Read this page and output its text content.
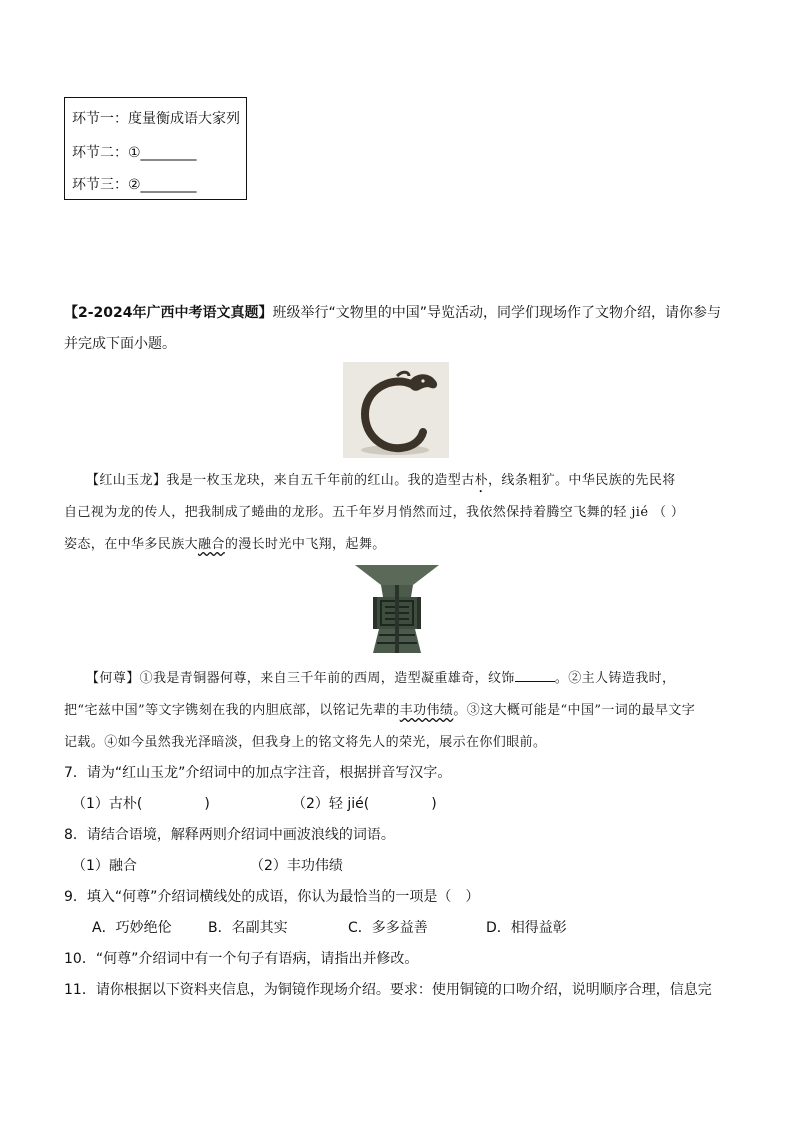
环节一：度量衡成语大家列
环节二：①________
环节三：②________
【2-2024年广西中考语文真题】班级举行“文物里的中国”导览活动，同学们现场作了文物介绍，请你参与
并完成下面小题。
【红山玉龙】我是一枚玉龙玦，来自五千年前的红山。我的造型古朴，线条粗犷。中华民族的先民将
自己视为龙的传人，把我制成了蜷曲的龙形。五千年岁月悄然而过，我依然保持着腾空飞舞的轻 jié （ ）
姿态，在中华多民族大融合的漫长时光中飞翔，起舞。
【何尊】①我是青铜器何尊，来自三千年前的西周，造型凝重雄奇，纹饰	。②主人铸造我时，
把“宅兹中国”等文字镌刻在我的内胆底部，以铭记先辈的丰功伟绩。③这大概可能是“中国”一词的最早文字
记载。④如今虽然我光泽暗淡，但我身上的铭文将先人的荣光，展示在你们眼前。
7．请为“红山玉龙”介绍词中的加点字注音，根据拼音写汉字。
（1）古朴(	)	（2）轻 jié(	)
8．请结合语境，解释两则介绍词中画波浪线的词语。
（1）融合	（2）丰功伟绩
9．填入“何尊”介绍词横线处的成语，你认为最恰当的一项是（　）
A．巧妙绝伦	B．名副其实	C．多多益善	D．相得益彰
10．“何尊”介绍词中有一个句子有语病，请指出并修改。
11．请你根据以下资料夹信息，为铜镜作现场介绍。要求：使用铜镜的口吻介绍，说明顺序合理，信息完
